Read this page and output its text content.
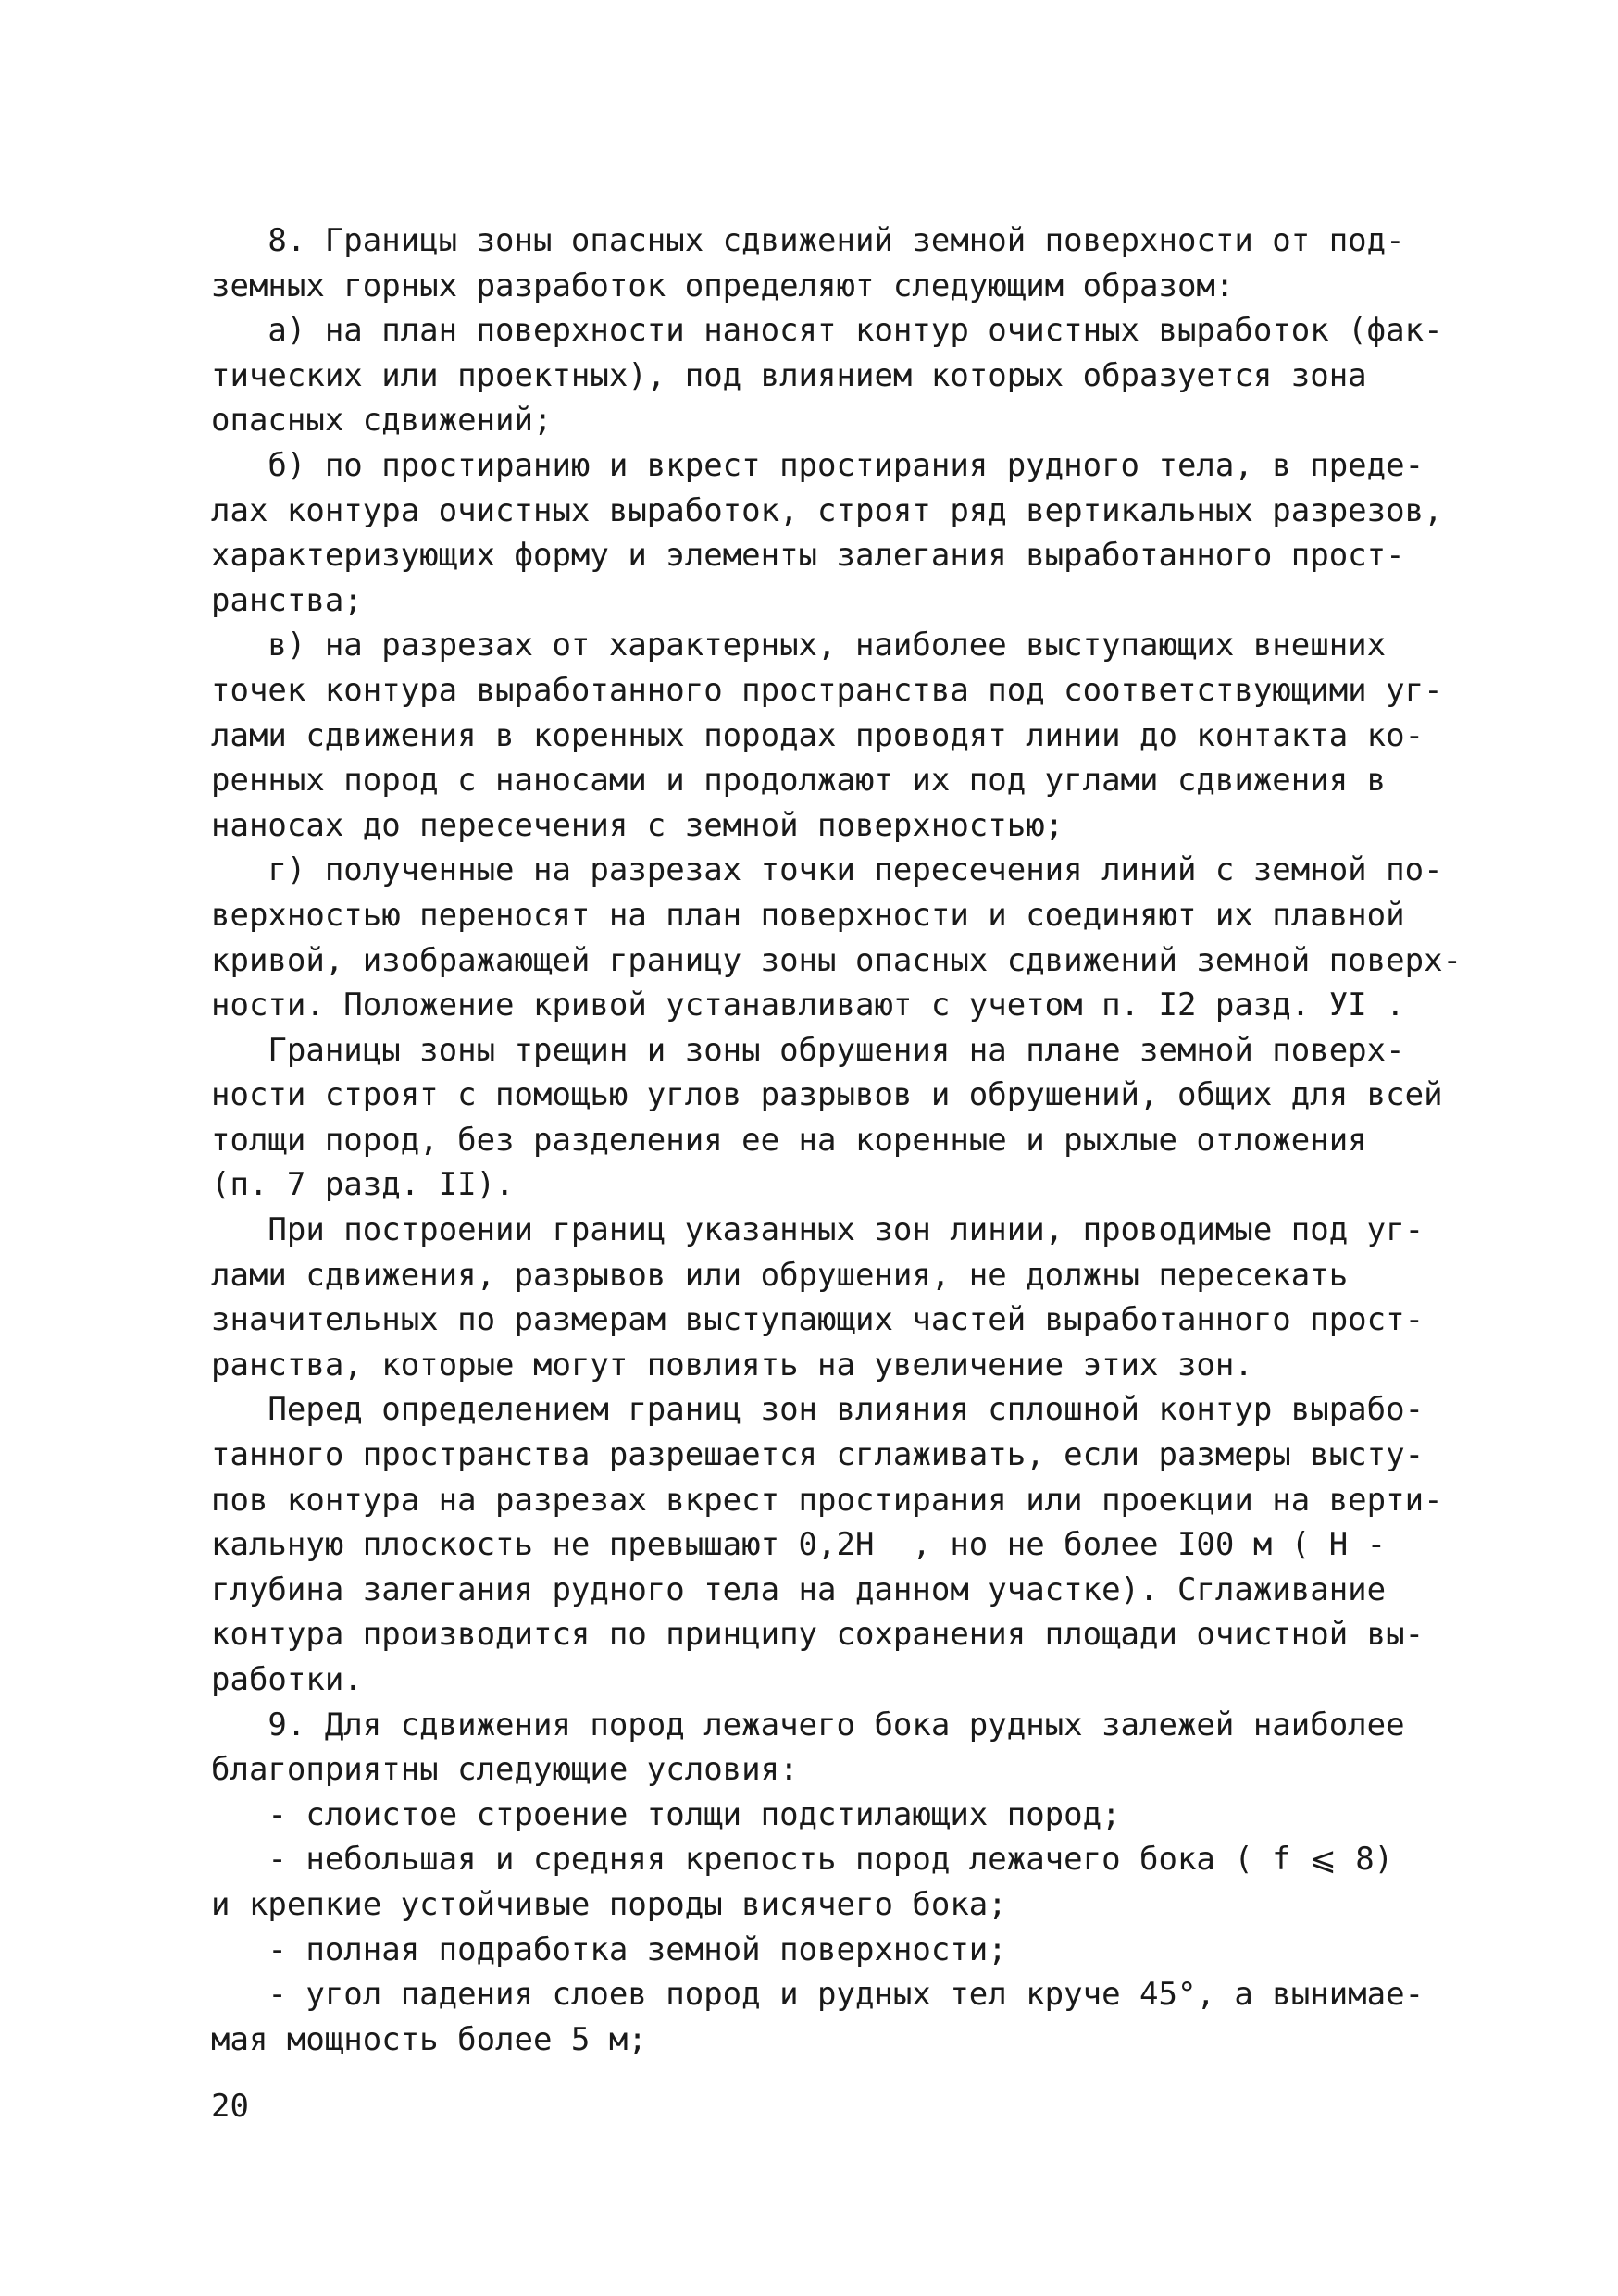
8. Границы зоны опасных сдвижений земной поверхности от под-
земных горных разработок определяют следующим образом:
а) на план поверхности наносят контур очистных выработок (фак-
тических или проектных), под влиянием которых образуется зона
опасных сдвижений;
б) по простиранию и вкрест простирания рудного тела, в преде-
лах контура очистных выработок, строят ряд вертикальных разрезов,
характеризующих форму и элементы залегания выработанного прост-
ранства;
в) на разрезах от характерных, наиболее выступающих внешних
точек контура выработанного пространства под соответствующими уг-
лами сдвижения в коренных породах проводят линии до контакта ко-
ренных пород с наносами и продолжают их под углами сдвижения в
наносах до пересечения с земной поверхностью;
г) полученные на разрезах точки пересечения линий с земной по-
верхностью переносят на план поверхности и соединяют их плавной
кривой, изображающей границу зоны опасных сдвижений земной поверх-
ности. Положение кривой устанавливают с учетом п. I2 разд. УI .
Границы зоны трещин и зоны обрушения на плане земной поверх-
ности строят с помощью углов разрывов и обрушений, общих для всей
толщи пород, без разделения ее на коренные и рыхлые отложения
(п. 7 разд. II).
При построении границ указанных зон линии, проводимые под уг-
лами сдвижения, разрывов или обрушения, не должны пересекать
значительных по размерам выступающих частей выработанного прост-
ранства, которые могут повлиять на увеличение этих зон.
Перед определением границ зон влияния сплошной контур вырабо-
танного пространства разрешается сглаживать, если размеры высту-
пов контура на разрезах вкрест простирания или проекции на верти-
кальную плоскость не превышают 0,2Н  , но не более I00 м ( Н -
глубина залегания рудного тела на данном участке). Сглаживание
контура производится по принципу сохранения площади очистной вы-
работки.
9. Для сдвижения пород лежачего бока рудных залежей наиболее
благоприятны следующие условия:
- слоистое строение толщи подстилающих пород;
- небольшая и средняя крепость пород лежачего бока ( f ⩽ 8)
и крепкие устойчивые породы висячего бока;
- полная подработка земной поверхности;
- угол падения слоев пород и рудных тел круче 45°, а вынимае-
мая мощность более 5 м;
20
